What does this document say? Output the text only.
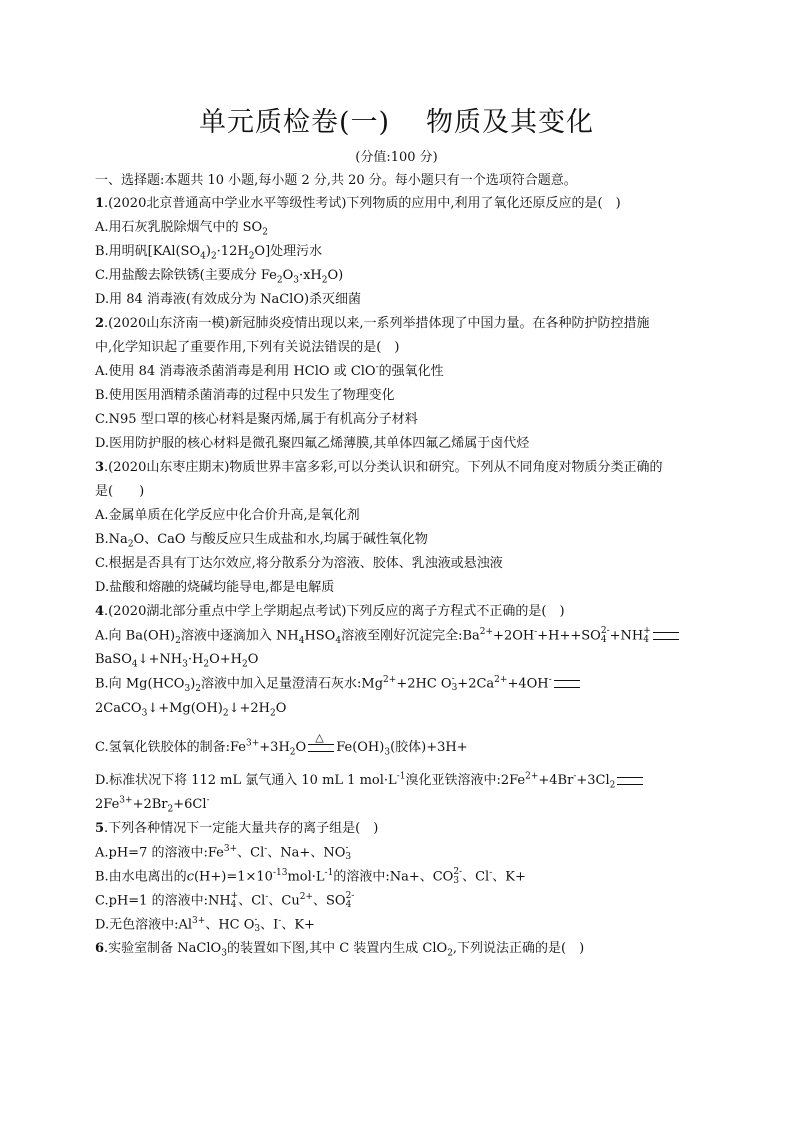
单元质检卷(一) 物质及其变化
(分值:100 分)
一、选择题:本题共 10 小题,每小题 2 分,共 20 分。每小题只有一个选项符合题意。
1.(2020北京普通高中学业水平等级性考试)下列物质的应用中,利用了氧化还原反应的是(　)
A.用石灰乳脱除烟气中的 $SO_2$
B.用明矾$[KAl(SO_4)_2\cdot 12H_2O]$处理污水
C.用盐酸去除铁锈(主要成分 $Fe_2O_3\cdot xH_2O$)
D.用 84 消毒液(有效成分为 NaClO)杀灭细菌
2.(2020山东济南一模)新冠肺炎疫情出现以来,一系列举措体现了中国力量。在各种防护防控措施
中,化学知识起了重要作用,下列有关说法错误的是(　)
A.使用 84 消毒液杀菌消毒是利用 HClO 或 ClO-的强氧化性
B.使用医用酒精杀菌消毒的过程中只发生了物理变化
C.N95 型口罩的核心材料是聚丙烯,属于有机高分子材料
D.医用防护服的核心材料是微孔聚四氟乙烯薄膜,其单体四氟乙烯属于卤代烃
3.(2020山东枣庄期末)物质世界丰富多彩,可以分类认识和研究。下列从不同角度对物质分类正确的
是(　　)
A.金属单质在化学反应中化合价升高,是氧化剂
$B.Na_2O$、CaO 与酸反应只生成盐和水,均属于碱性氧化物
C.根据是否具有丁达尔效应,将分散系分为溶液、胶体、乳浊液或悬浊液
D.盐酸和熔融的烧碱均能导电,都是电解质
4.(2020湖北部分重点中学上学期起点考试)下列反应的离子方程式不正确的是(　)
A.向 $Ba(OH)_2$溶液中逐滴加入 $NH_4HSO_4$溶液至刚好沉淀完全$:Ba^{2+}+2OH^-+H++SO$ 2-
4 +NH +
4
$BaSO_4↓+NH_3\cdot H_2O+H_2O$
B.向 $Mg(HCO_3)_2$溶液中加入足量澄清石灰水$:Mg^{2+}+2HC$ O -
$3 +2Ca^{2+}+4OH^-$
$2CaCO_3↓+Mg(OH)_2↓+2H_2O$
C.氢氧化铁胶体的制备$:Fe^{3+}+3H_2O$
△
$Fe(OH)_3$(胶体)+3H+
D.标准状况下将 112 mL 氯气通入 10 mL 1 $mol\cdot L^{-1}$溴化亚铁溶液中$:2Fe^{2+}+4Br^-+3Cl_2$
$2Fe^{3+}+2Br_2+6Cl^-$
5.下列各种情况下一定能大量共存的离子组是(　)
A.pH=7 的溶液中$:Fe^{3+}$、Cl-、Na+、NO -
3
B.由水电离出的$c(H+)=1\times 10^{-13}mol\cdot L^{-1}$的溶液中:Na+、CO 2-
3 、Cl-、K+
C.pH=1 的溶液中:NH +
4 、Cl-、$Cu^{2+}$、SO 2-
4
D.无色溶液中$:Al^{3+}$、HC O -
3 、I-、K+
6.实验室制备 NaClO$_3$的装置如下图,其中 C 装置内生成 ClO$_2$,下列说法正确的是(　)
